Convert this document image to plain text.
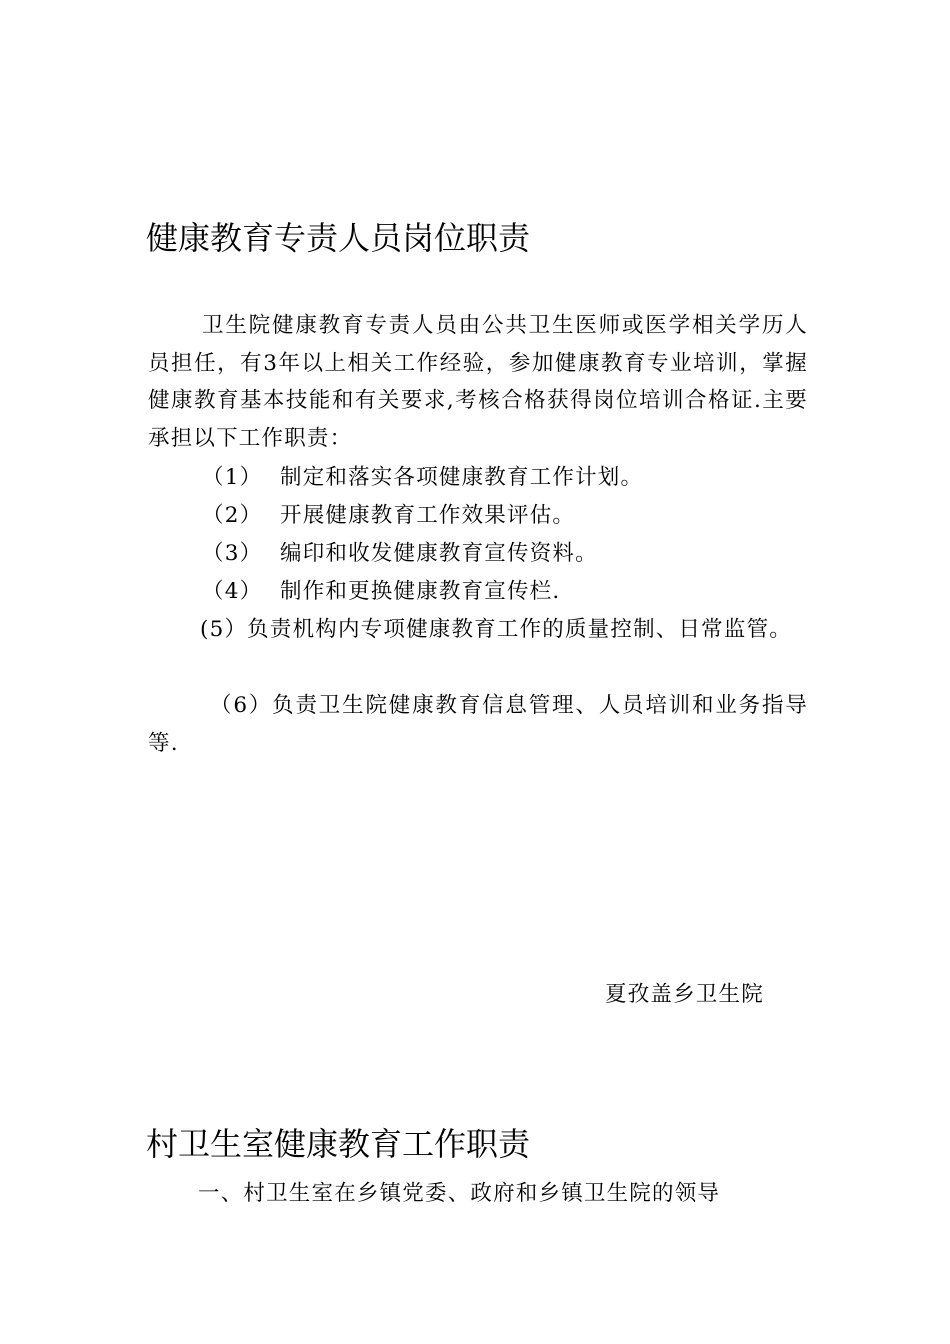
健康教育专责人员岗位职责

卫生院健康教育专责人员由公共卫生医师或医学相关学历人员担任，有3年以上相关工作经验，参加健康教育专业培训，掌握健康教育基本技能和有关要求,考核合格获得岗位培训合格证.主要承担以下工作职责：

（1） 制定和落实各项健康教育工作计划。

（2） 开展健康教育工作效果评估。

（3） 编印和收发健康教育宣传资料。

（4） 制作和更换健康教育宣传栏.

(5）负责机构内专项健康教育工作的质量控制、日常监管。

（6）负责卫生院健康教育信息管理、人员培训和业务指导等.

夏孜盖乡卫生院

村卫生室健康教育工作职责

一、村卫生室在乡镇党委、政府和乡镇卫生院的领导
